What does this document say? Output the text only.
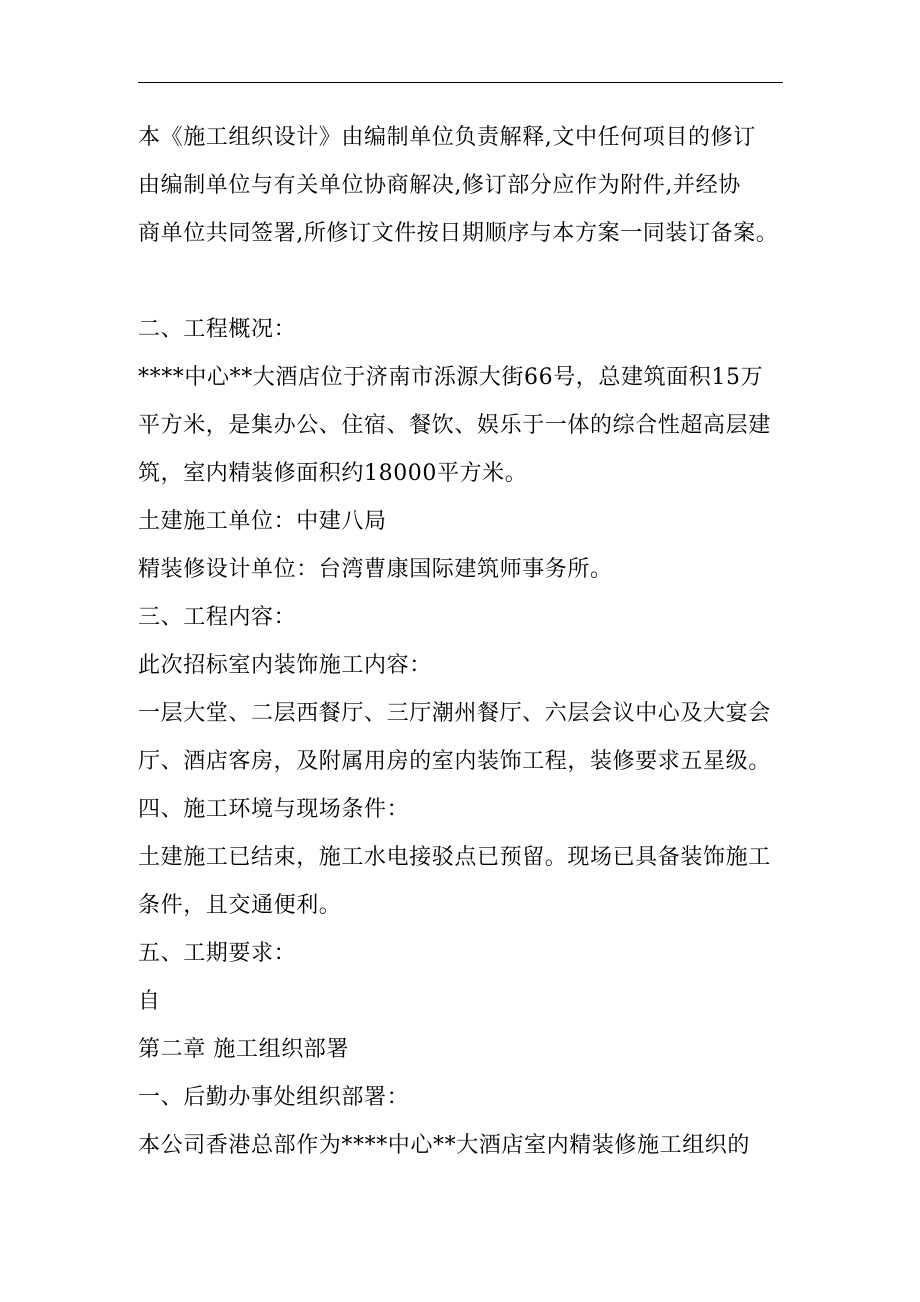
本《施工组织设计》由编制单位负责解释,文中任何项目的修订
由编制单位与有关单位协商解决,修订部分应作为附件,并经协
商单位共同签署,所修订文件按日期顺序与本方案一同装订备案。
二、工程概况：
****中心**大酒店位于济南市泺源大街66号，总建筑面积15万
平方米，是集办公、住宿、餐饮、娱乐于一体的综合性超高层建
筑，室内精装修面积约18000平方米。
土建施工单位：中建八局
精装修设计单位：台湾曹康国际建筑师事务所。
三、工程内容：
此次招标室内装饰施工内容：
一层大堂、二层西餐厅、三厅潮州餐厅、六层会议中心及大宴会
厅、酒店客房，及附属用房的室内装饰工程，装修要求五星级。
四、施工环境与现场条件：
土建施工已结束，施工水电接驳点已预留。现场已具备装饰施工
条件，且交通便利。
五、工期要求：
自
第二章 施工组织部署
一、后勤办事处组织部署：
本公司香港总部作为****中心**大酒店室内精装修施工组织的
